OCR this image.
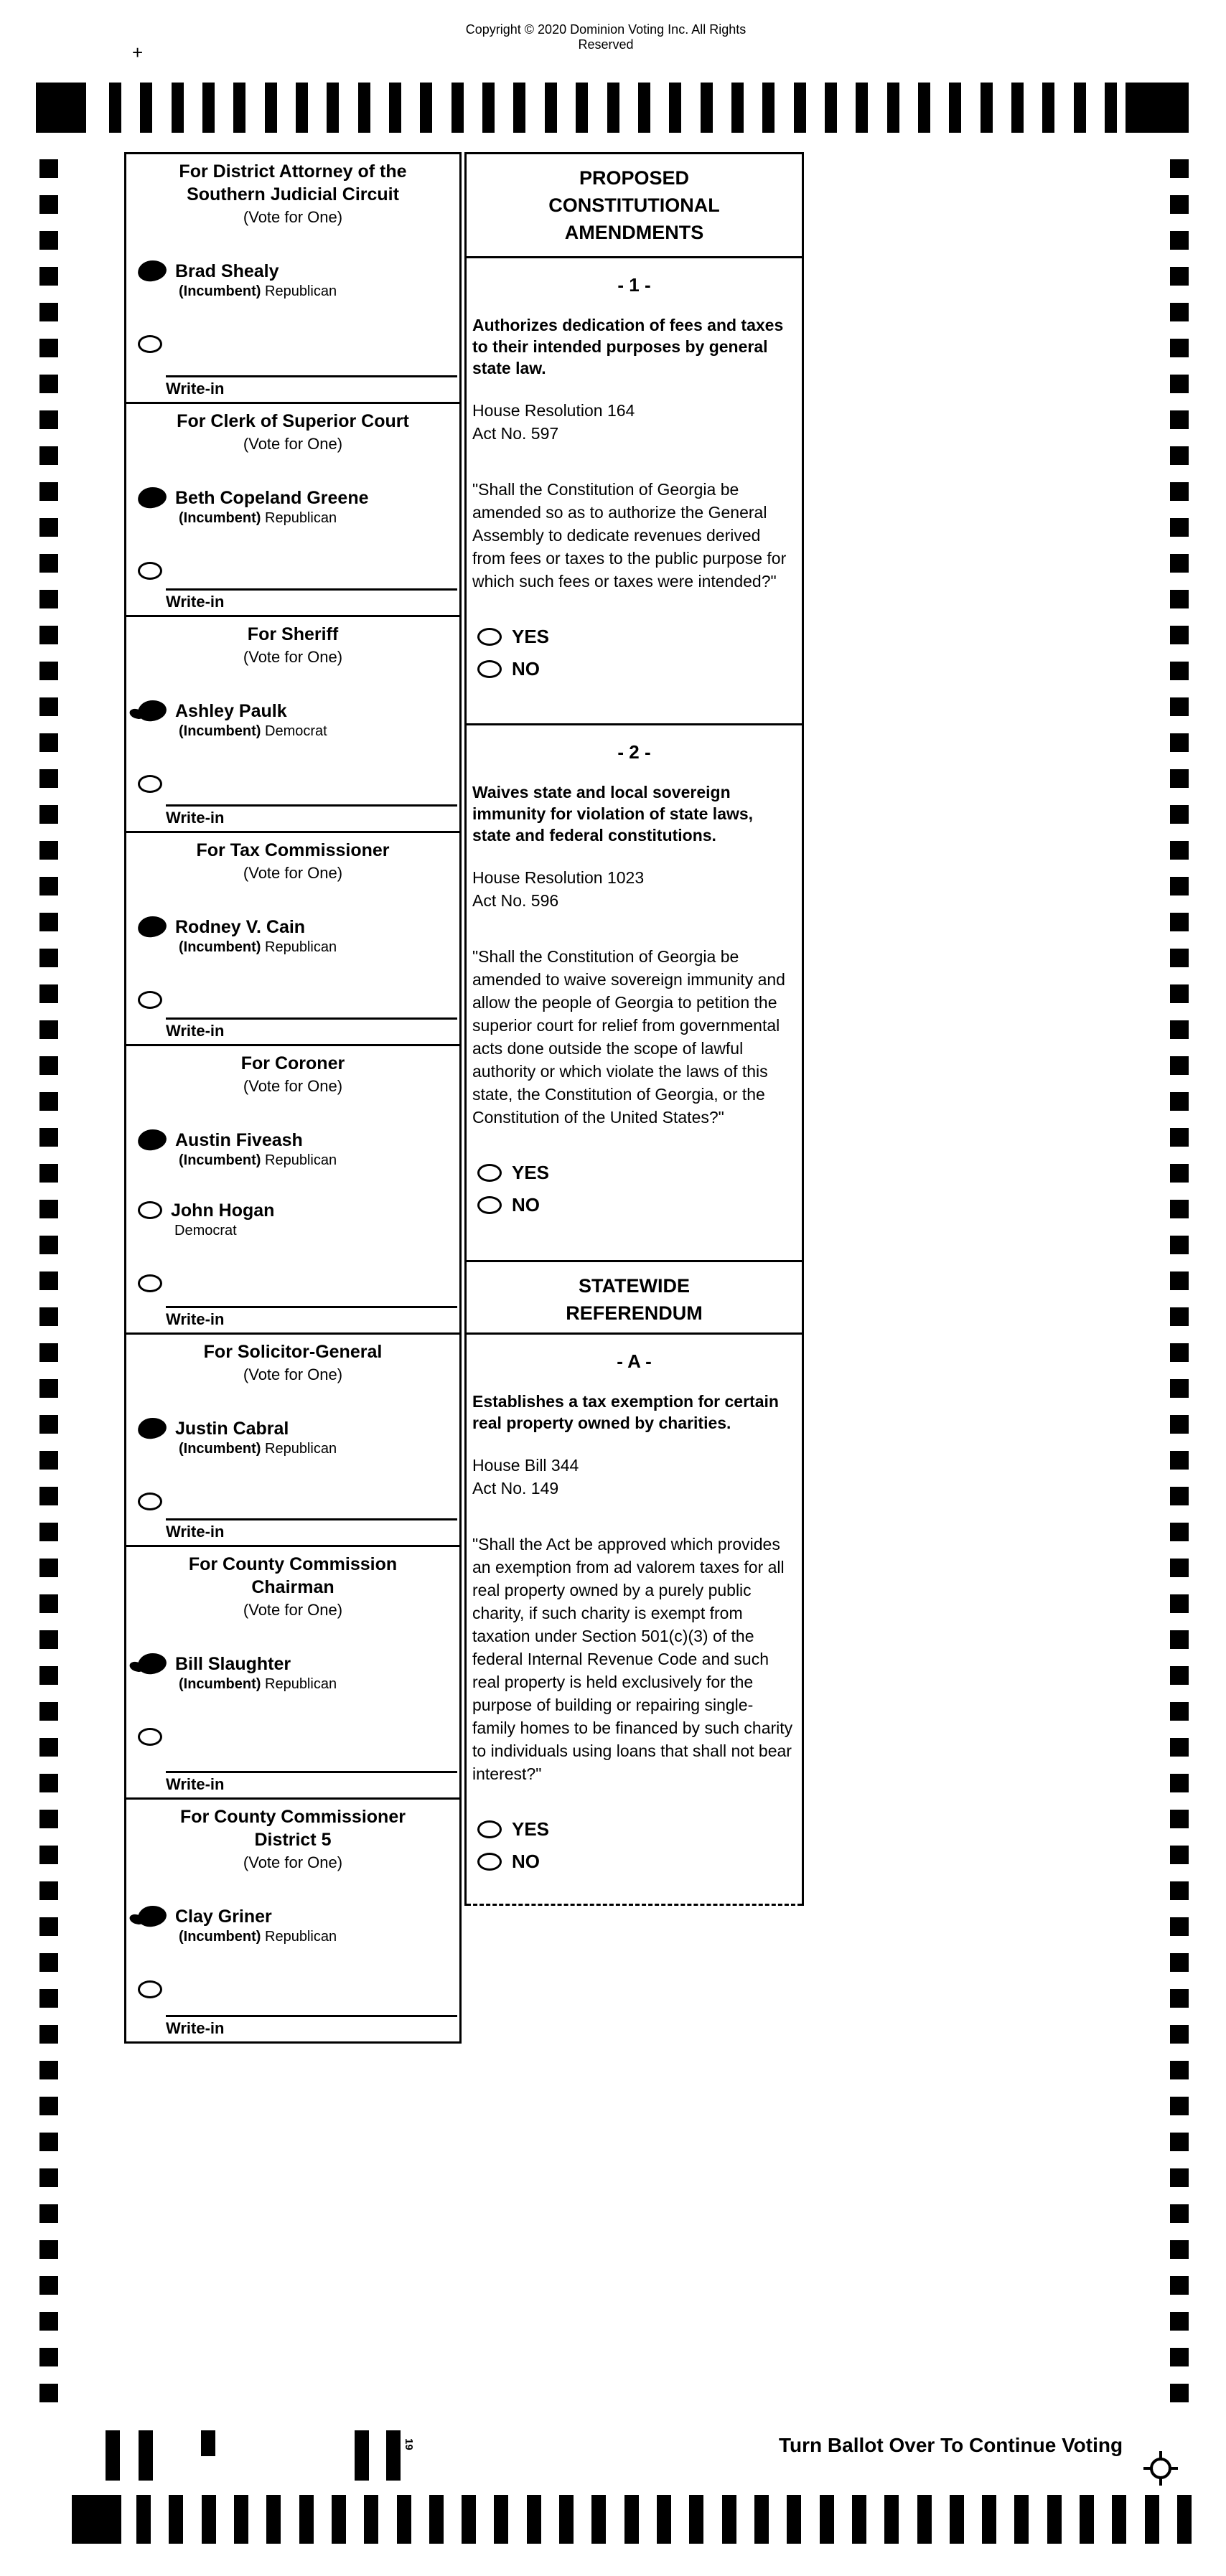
Copyright © 2020 Dominion Voting Inc. All Rights Reserved
+
For District Attorney of the
Southern Judicial Circuit
(Vote for One)
Brad Shealy
(Incumbent) Republican
Write-in
For Clerk of Superior Court
(Vote for One)
Beth Copeland Greene
(Incumbent) Republican
Write-in
For Sheriff
(Vote for One)
Ashley Paulk
(Incumbent) Democrat
Write-in
For Tax Commissioner
(Vote for One)
Rodney V. Cain
(Incumbent) Republican
Write-in
For Coroner
(Vote for One)
Austin Fiveash
(Incumbent) Republican
John Hogan
Democrat
Write-in
For Solicitor-General
(Vote for One)
Justin Cabral
(Incumbent) Republican
Write-in
For County Commission
Chairman
(Vote for One)
Bill Slaughter
(Incumbent) Republican
Write-in
For County Commissioner
District 5
(Vote for One)
Clay Griner
(Incumbent) Republican
Write-in
PROPOSED
CONSTITUTIONAL
AMENDMENTS
- 1 -
Authorizes dedication of fees and taxes to their intended purposes by general state law.
House Resolution 164
Act No. 597
"Shall the Constitution of Georgia be amended so as to authorize the General Assembly to dedicate revenues derived from fees or taxes to the public purpose for which such fees or taxes were intended?"
YES
NO
- 2 -
Waives state and local sovereign immunity for violation of state laws, state and federal constitutions.
House Resolution 1023
Act No. 596
"Shall the Constitution of Georgia be amended to waive sovereign immunity and allow the people of Georgia to petition the superior court for relief from governmental acts done outside the scope of lawful authority or which violate the laws of this state, the Constitution of Georgia, or the Constitution of the United States?"
YES
NO
STATEWIDE
REFERENDUM
- A -
Establishes a tax exemption for certain real property owned by charities.
House Bill 344
Act No. 149
"Shall the Act be approved which provides an exemption from ad valorem taxes for all real property owned by a purely public charity, if such charity is exempt from taxation under Section 501(c)(3) of the federal Internal Revenue Code and such real property is held exclusively for the purpose of building or repairing single-family homes to be financed by such charity to individuals using loans that shall not bear interest?"
YES
NO
19	Turn Ballot Over To Continue Voting
